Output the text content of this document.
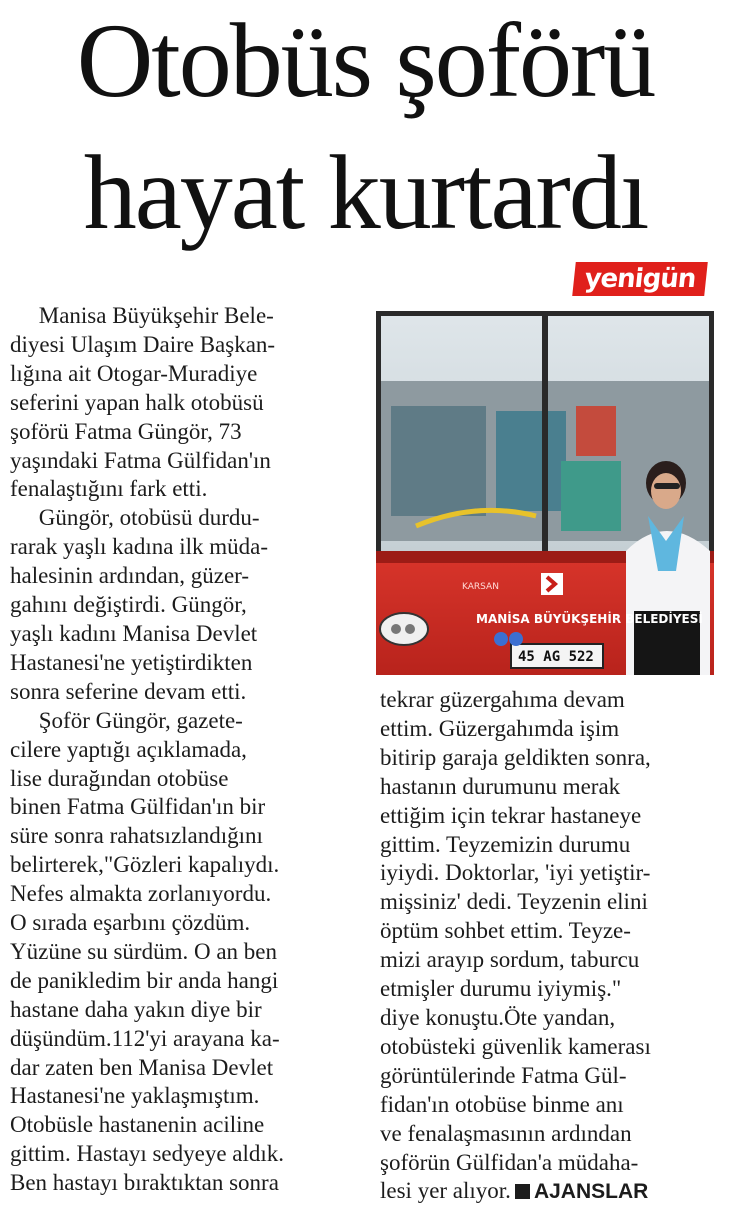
Otobüs şoförü
hayat kurtardı
yenigün

Manisa Büyükşehir Bele-

diyesi Ulaşım Daire Başkan-

lığına ait Otogar-Muradiye

seferini yapan halk otobüsü

şoförü Fatma Güngör, 73

yaşındaki Fatma Gülfidan'ın

fenalaştığını fark etti.

Güngör, otobüsü durdu-

rarak yaşlı kadına ilk müda-

halesinin ardından, güzer-

gahını değiştirdi. Güngör,

yaşlı kadını Manisa Devlet

Hastanesi'ne yetiştirdikten

sonra seferine devam etti.

Şoför Güngör, gazete-

cilere yaptığı açıklamada,

lise durağından otobüse

binen Fatma Gülfidan'ın bir

süre sonra rahatsızlandığını

belirterek,"Gözleri kapalıydı.

Nefes almakta zorlanıyordu.

O sırada eşarbını çözdüm.

Yüzüne su sürdüm. O an ben

de panikledim bir anda hangi

hastane daha yakın diye bir

düşündüm.112'yi arayana ka-

dar zaten ben Manisa Devlet

Hastanesi'ne yaklaşmıştım.

Otobüsle hastanenin aciline

gittim. Hastayı sedyeye aldık.

Ben hastayı bıraktıktan sonra

MANİSA BÜYÜKŞEHİR BELEDİYESİ
KARSAN
45 AG 522

tekrar güzergahıma devam

ettim. Güzergahımda işim

bitirip garaja geldikten sonra,

hastanın durumunu merak

ettiğim için tekrar hastaneye

gittim. Teyzemizin durumu

iyiydi. Doktorlar, 'iyi yetiştir-

mişsiniz' dedi. Teyzenin elini

öptüm sohbet ettim. Teyze-

mizi arayıp sordum, taburcu

etmişler durumu iyiymiş."

diye konuştu.Öte yandan,

otobüsteki güvenlik kamerası

görüntülerinde Fatma Gül-

fidan'ın otobüse binme anı

ve fenalaşmasının ardından

şoförün Gülfidan'a müdaha-

lesi yer alıyor. AJANSLAR
